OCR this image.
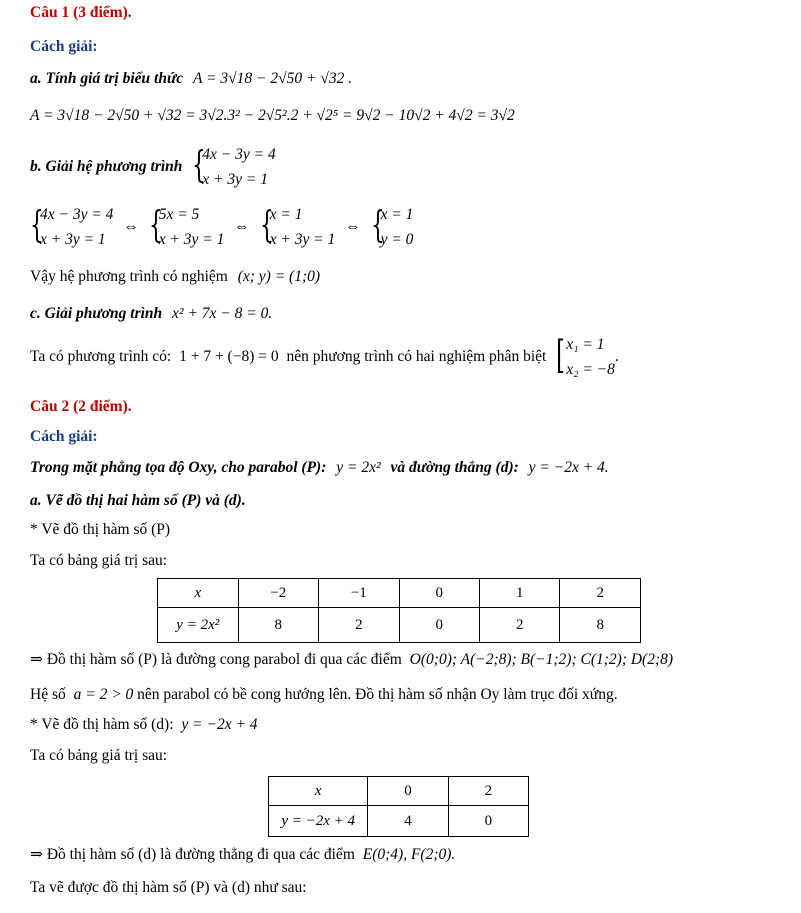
Câu 1 (3 điểm).
Cách giải:
a. Tính giá trị biểu thức A = 3√18 − 2√50 + √32 .
A = 3√18 − 2√50 + √32 = 3√2.3² − 2√5².2 + √2⁵ = 9√2 − 10√2 + 4√2 = 3√2
b. Giải hệ phương trình {
4x − 3y = 4
x + 3y = 1
{
4x − 3y = 4
x + 3y = 1
⇔ {
5x = 5
x + 3y = 1
⇔ {
x = 1
x + 3y = 1
⇔ {
x = 1
y = 0
Vậy hệ phương trình có nghiệm (x; y) = (1;0)
c. Giải phương trình x² + 7x − 8 = 0.
Ta có phương trình có: 1 + 7 + (−8) = 0 nên phương trình có hai nghiệm phân biệt [ x₁ = 1
x₂ = −8
.
Câu 2 (2 điểm).
Cách giải:
Trong mặt phẳng tọa độ Oxy, cho parabol (P): y = 2x² và đường thẳng (d): y = −2x + 4.
a. Vẽ đồ thị hai hàm số (P) và (d).
* Vẽ đồ thị hàm số (P)
Ta có bảng giá trị sau:
x	−2	−1	0	1	2
y = 2x²	8	2	0	2	8
⇒ Đồ thị hàm số (P) là đường cong parabol đi qua các điểm O(0;0); A(−2;8); B(−1;2); C(1;2); D(2;8)
Hệ số a = 2 > 0 nên parabol có bề cong hướng lên. Đồ thị hàm số nhận Oy làm trục đối xứng.
* Vẽ đồ thị hàm số (d): y = −2x + 4
Ta có bảng giá trị sau:
x	0	2
y = −2x + 4	4	0
⇒ Đồ thị hàm số (d) là đường thẳng đi qua các điểm E(0;4), F(2;0).
Ta vẽ được đồ thị hàm số (P) và (d) như sau:
